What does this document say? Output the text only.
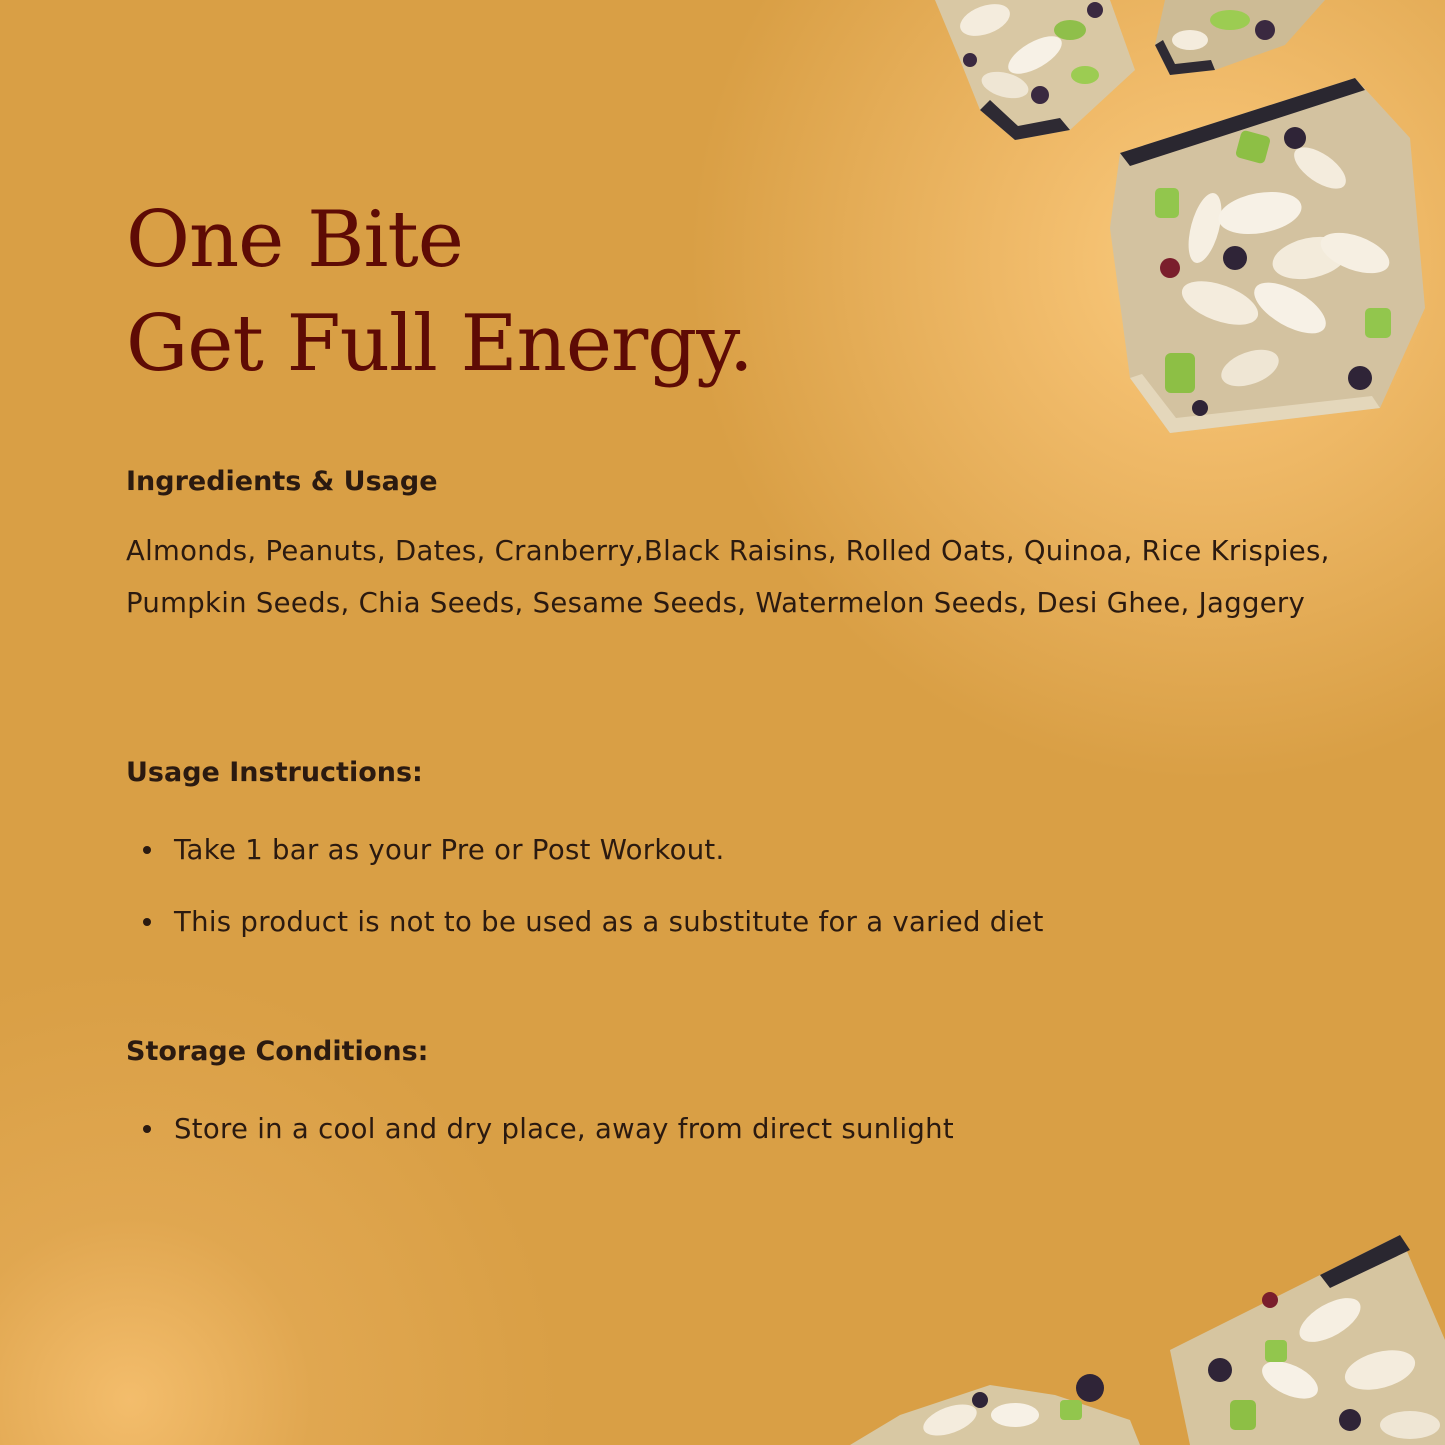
One Bite
Get Full Energy.
Ingredients & Usage

Almonds, Peanuts, Dates, Cranberry,Black Raisins, Rolled Oats, Quinoa, Rice Krispies, Pumpkin Seeds, Chia Seeds, Sesame Seeds, Watermelon Seeds, Desi Ghee, Jaggery

Usage Instructions:
Take 1 bar as your Pre or Post Workout.
This product is not to be used as a substitute for a varied diet
Storage Conditions:
Store in a cool and dry place, away from direct sunlight
